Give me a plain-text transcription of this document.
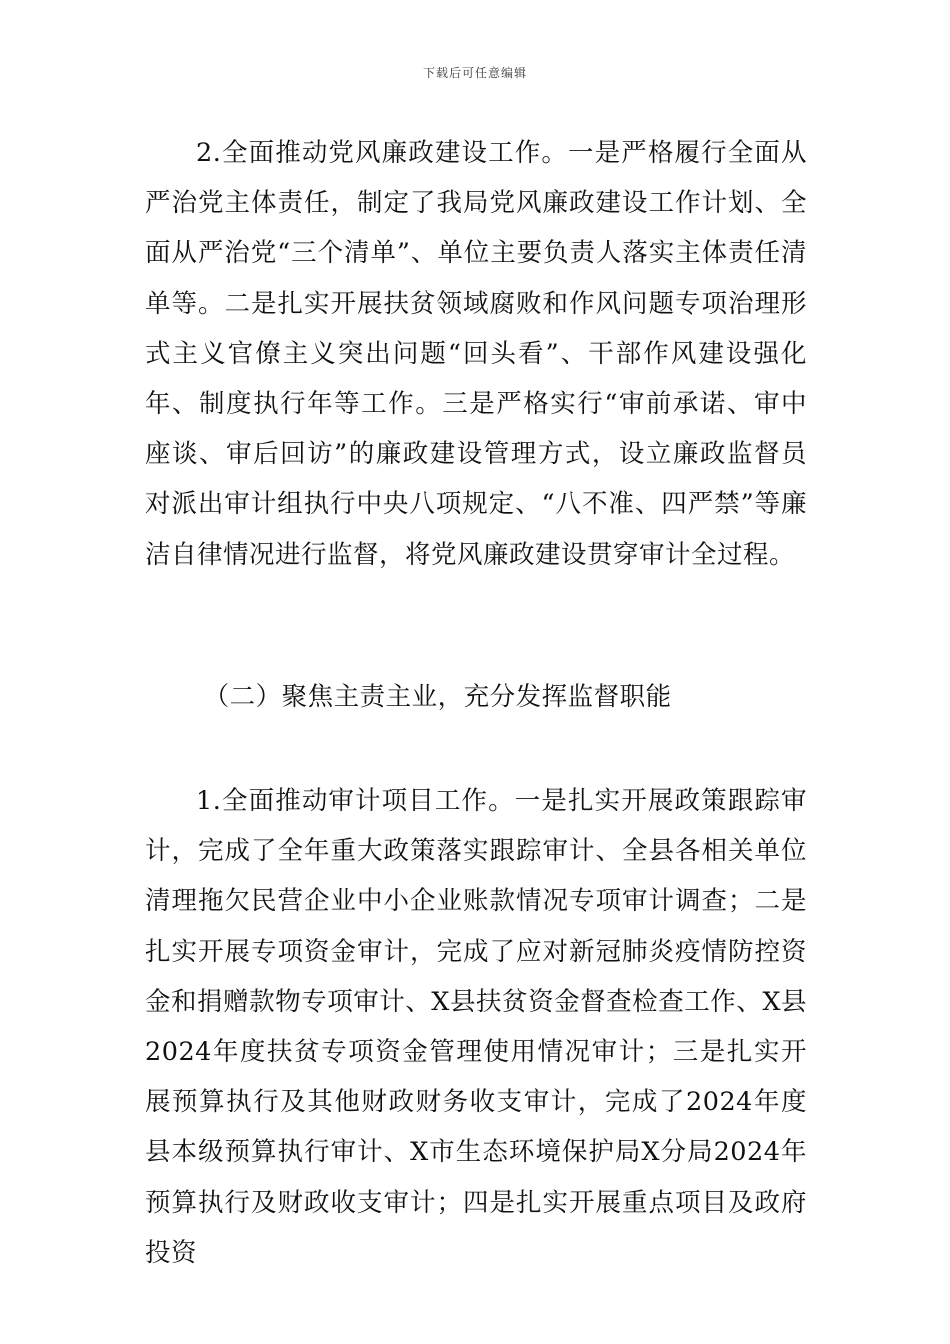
下载后可任意编辑

2.全面推动党风廉政建设工作。一是严格履行全面从严治党主体责任，制定了我局党风廉政建设工作计划、全面从严治党“三个清单”、单位主要负责人落实主体责任清单等。二是扎实开展扶贫领域腐败和作风问题专项治理形式主义官僚主义突出问题“回头看”、干部作风建设强化年、制度执行年等工作。三是严格实行“审前承诺、审中座谈、审后回访”的廉政建设管理方式，设立廉政监督员对派出审计组执行中央八项规定、“八不准、四严禁”等廉洁自律情况进行监督，将党风廉政建设贯穿审计全过程。

（二）聚焦主责主业，充分发挥监督职能

1.全面推动审计项目工作。一是扎实开展政策跟踪审计，完成了全年重大政策落实跟踪审计、全县各相关单位清理拖欠民营企业中小企业账款情况专项审计调查；二是扎实开展专项资金审计，完成了应对新冠肺炎疫情防控资金和捐赠款物专项审计、X县扶贫资金督查检查工作、X县2024年度扶贫专项资金管理使用情况审计；三是扎实开展预算执行及其他财政财务收支审计，完成了2024年度县本级预算执行审计、X市生态环境保护局X分局2024年预算执行及财政收支审计；四是扎实开展重点项目及政府投资
